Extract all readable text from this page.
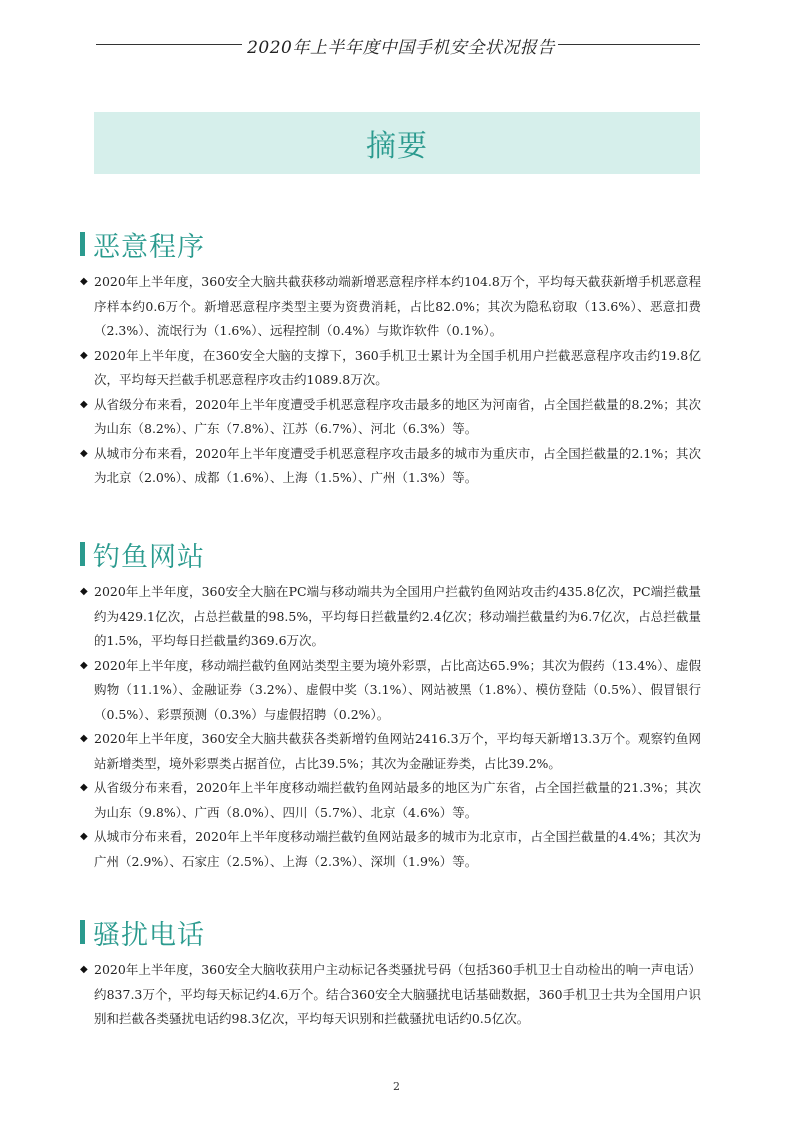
2020年上半年度中国手机安全状况报告
摘要
恶意程序
◆ 2020年上半年度，360安全大脑共截获移动端新增恶意程序样本约104.8万个，平均每天截获新增手机恶意程序样本约0.6万个。新增恶意程序类型主要为资费消耗，占比82.0%；其次为隐私窃取（13.6%）、恶意扣费（2.3%）、流氓行为（1.6%）、远程控制（0.4%）与欺诈软件（0.1%）。

◆ 2020年上半年度，在360安全大脑的支撑下，360手机卫士累计为全国手机用户拦截恶意程序攻击约19.8亿次，平均每天拦截手机恶意程序攻击约1089.8万次。

◆ 从省级分布来看，2020年上半年度遭受手机恶意程序攻击最多的地区为河南省，占全国拦截量的8.2%；其次为山东（8.2%）、广东（7.8%）、江苏（6.7%）、河北（6.3%）等。

◆ 从城市分布来看，2020年上半年度遭受手机恶意程序攻击最多的城市为重庆市，占全国拦截量的2.1%；其次为北京（2.0%）、成都（1.6%）、上海（1.5%）、广州（1.3%）等。

钓鱼网站
◆ 2020年上半年度，360安全大脑在PC端与移动端共为全国用户拦截钓鱼网站攻击约435.8亿次，PC端拦截量约为429.1亿次，占总拦截量的98.5%，平均每日拦截量约2.4亿次；移动端拦截量约为6.7亿次，占总拦截量的1.5%，平均每日拦截量约369.6万次。

◆ 2020年上半年度，移动端拦截钓鱼网站类型主要为境外彩票，占比高达65.9%；其次为假药（13.4%）、虚假购物（11.1%）、金融证券（3.2%）、虚假中奖（3.1%）、网站被黑（1.8%）、模仿登陆（0.5%）、假冒银行（0.5%）、彩票预测（0.3%）与虚假招聘（0.2%）。

◆ 2020年上半年度，360安全大脑共截获各类新增钓鱼网站2416.3万个，平均每天新增13.3万个。观察钓鱼网站新增类型，境外彩票类占据首位，占比39.5%；其次为金融证券类，占比39.2%。

◆ 从省级分布来看，2020年上半年度移动端拦截钓鱼网站最多的地区为广东省，占全国拦截量的21.3%；其次为山东（9.8%）、广西（8.0%）、四川（5.7%）、北京（4.6%）等。

◆ 从城市分布来看，2020年上半年度移动端拦截钓鱼网站最多的城市为北京市，占全国拦截量的4.4%；其次为广州（2.9%）、石家庄（2.5%）、上海（2.3%）、深圳（1.9%）等。

骚扰电话
◆ 2020年上半年度，360安全大脑收获用户主动标记各类骚扰号码（包括360手机卫士自动检出的响一声电话）约837.3万个，平均每天标记约4.6万个。结合360安全大脑骚扰电话基础数据，360手机卫士共为全国用户识别和拦截各类骚扰电话约98.3亿次，平均每天识别和拦截骚扰电话约0.5亿次。

2
